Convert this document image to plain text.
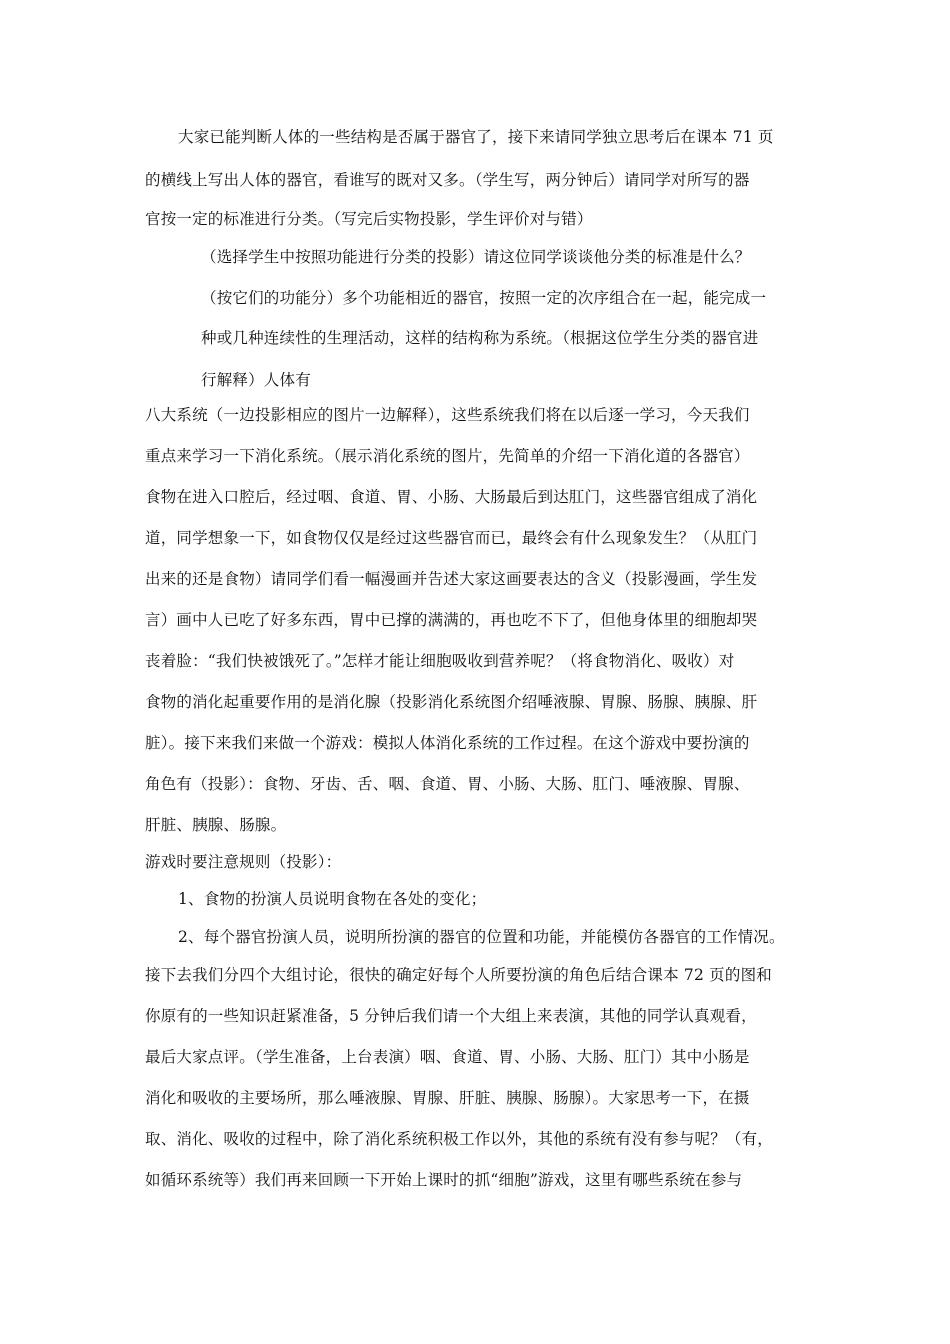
大家已能判断人体的一些结构是否属于器官了，接下来请同学独立思考后在课本 71 页
的横线上写出人体的器官，看谁写的既对又多。（学生写，两分钟后）请同学对所写的器
官按一定的标准进行分类。（写完后实物投影，学生评价对与错）
（选择学生中按照功能进行分类的投影）请这位同学谈谈他分类的标准是什么？
（按它们的功能分）多个功能相近的器官，按照一定的次序组合在一起，能完成一
种或几种连续性的生理活动，这样的结构称为系统。（根据这位学生分类的器官进
行解释）人体有
八大系统（一边投影相应的图片一边解释），这些系统我们将在以后逐一学习，今天我们
重点来学习一下消化系统。（展示消化系统的图片，先简单的介绍一下消化道的各器官）
食物在进入口腔后，经过咽、食道、胃、小肠、大肠最后到达肛门，这些器官组成了消化
道，同学想象一下，如食物仅仅是经过这些器官而已，最终会有什么现象发生？（从肛门
出来的还是食物）请同学们看一幅漫画并告述大家这画要表达的含义（投影漫画，学生发
言）画中人已吃了好多东西，胃中已撑的满满的，再也吃不下了，但他身体里的细胞却哭
丧着脸：“我们快被饿死了。”怎样才能让细胞吸收到营养呢？（将食物消化、吸收）对
食物的消化起重要作用的是消化腺（投影消化系统图介绍唾液腺、胃腺、肠腺、胰腺、肝
脏）。接下来我们来做一个游戏：模拟人体消化系统的工作过程。在这个游戏中要扮演的
角色有（投影）：食物、牙齿、舌、咽、食道、胃、小肠、大肠、肛门、唾液腺、胃腺、
肝脏、胰腺、肠腺。
游戏时要注意规则（投影）：
1、食物的扮演人员说明食物在各处的变化；
2、每个器官扮演人员，说明所扮演的器官的位置和功能，并能模仿各器官的工作情况。
接下去我们分四个大组讨论，很快的确定好每个人所要扮演的角色后结合课本 72 页的图和
你原有的一些知识赶紧准备，5 分钟后我们请一个大组上来表演，其他的同学认真观看，
最后大家点评。（学生准备，上台表演）咽、食道、胃、小肠、大肠、肛门）其中小肠是
消化和吸收的主要场所，那么唾液腺、胃腺、肝脏、胰腺、肠腺）。大家思考一下，在摄
取、消化、吸收的过程中，除了消化系统积极工作以外，其他的系统有没有参与呢？（有，
如循环系统等）我们再来回顾一下开始上课时的抓“细胞”游戏，这里有哪些系统在参与
